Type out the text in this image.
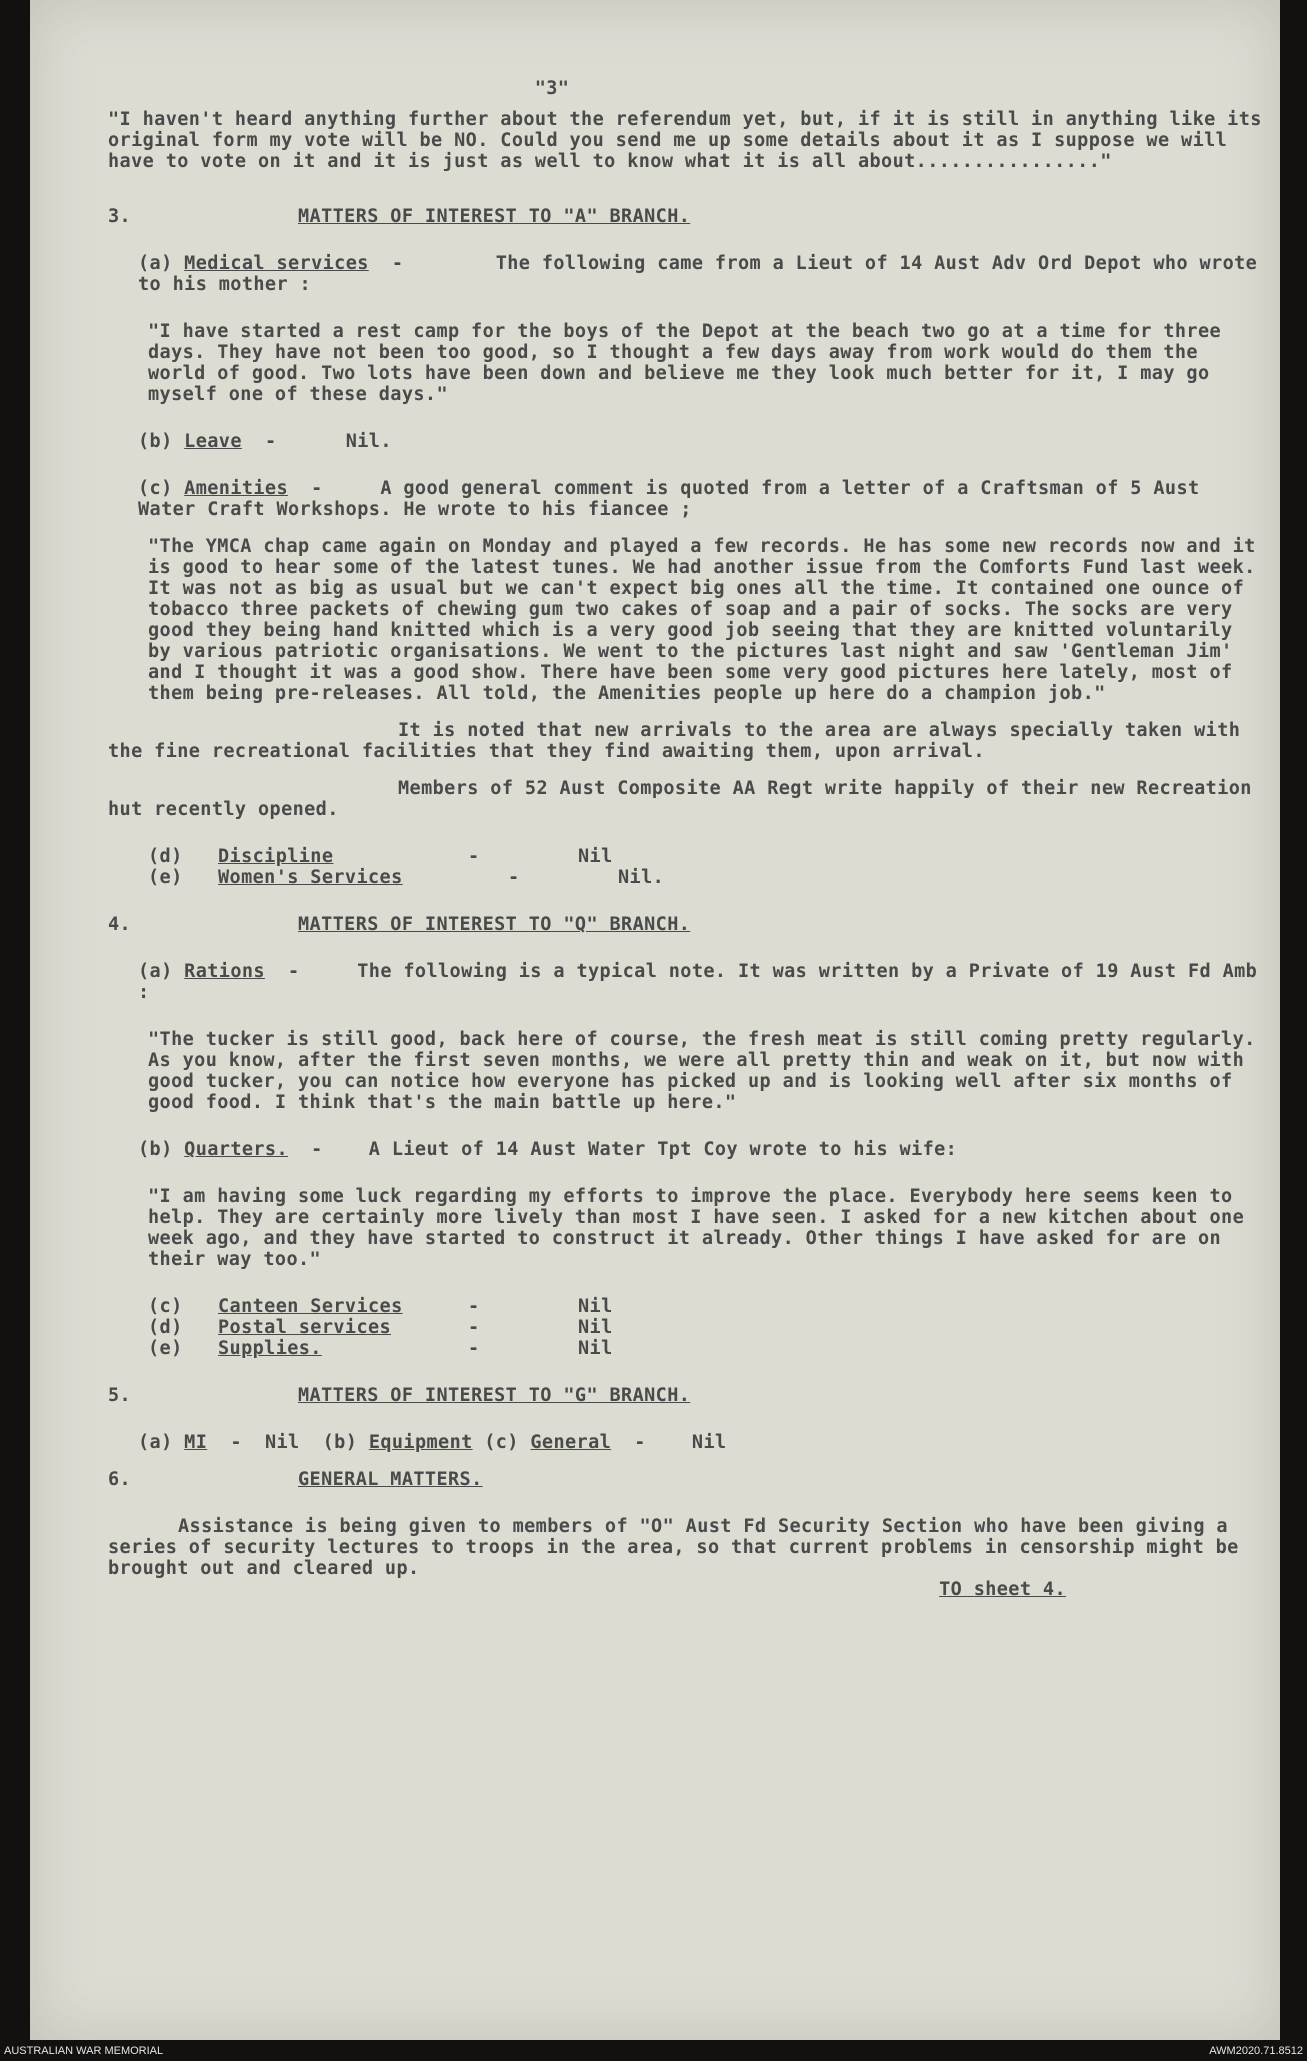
"3"

"I haven't heard anything further about the referendum yet, but, if it is still in anything like its original form my vote will be NO. Could you send me up some details about it as I suppose we will have to vote on it and it is just as well to know what it is all about................"

3.	MATTERS OF INTEREST TO "A" BRANCH.

(a) Medical services -        The following came from a Lieut of 14 Aust Adv Ord Depot who wrote to his mother :

"I have started a rest camp for the boys of the Depot at the beach two go at a time for three days. They have not been too good, so I thought a few days away from work would do them the world of good. Two lots have been down and believe me they look much better for it, I may go myself one of these days."

(b) Leave -      Nil.

(c) Amenities -     A good general comment is quoted from a letter of a Craftsman of 5 Aust Water Craft Workshops. He wrote to his fiancee ;

"The YMCA chap came again on Monday and played a few records. He has some new records now and it is good to hear some of the latest tunes. We had another issue from the Comforts Fund last week. It was not as big as usual but we can't expect big ones all the time. It contained one ounce of tobacco three packets of chewing gum two cakes of soap and a pair of socks. The socks are very good they being hand knitted which is a very good job seeing that they are knitted voluntarily by various patriotic organisations. We went to the pictures last night and saw 'Gentleman Jim' and I thought it was a good show. There have been some very good pictures here lately, most of them being pre-releases. All told, the Amenities people up here do a champion job."

It is noted that new arrivals to the area are always specially taken with the fine recreational facilities that they find awaiting them, upon arrival.

Members of 52 Aust Composite AA Regt write happily of their new Recreation hut recently opened.

(d)	Discipline	-	Nil
(e)	Women's Services	-	Nil.
4.	MATTERS OF INTEREST TO "Q" BRANCH.

(a) Rations -     The following is a typical note. It was written by a Private of 19 Aust Fd Amb :

"The tucker is still good, back here of course, the fresh meat is still coming pretty regularly. As you know, after the first seven months, we were all pretty thin and weak on it, but now with good tucker, you can notice how everyone has picked up and is looking well after six months of good food. I think that's the main battle up here."

(b) Quarters. -    A Lieut of 14 Aust Water Tpt Coy wrote to his wife:

"I am having some luck regarding my efforts to improve the place. Everybody here seems keen to help. They are certainly more lively than most I have seen. I asked for a new kitchen about one week ago, and they have started to construct it already. Other things I have asked for are on their way too."

(c)	Canteen Services	-	Nil
(d)	Postal services	-	Nil
(e)	Supplies.	-	Nil
5.	MATTERS OF INTEREST TO "G" BRANCH.

(a) MI -  Nil (b) Equipment (c) General -    Nil

6.	GENERAL MATTERS.

Assistance is being given to members of "O" Aust Fd Security Section who have been giving a series of security lectures to troops in the area, so that current problems in censorship might be brought out and cleared up.

TO sheet 4.

AUSTRALIAN WAR MEMORIAL	AWM2020.71.8512
